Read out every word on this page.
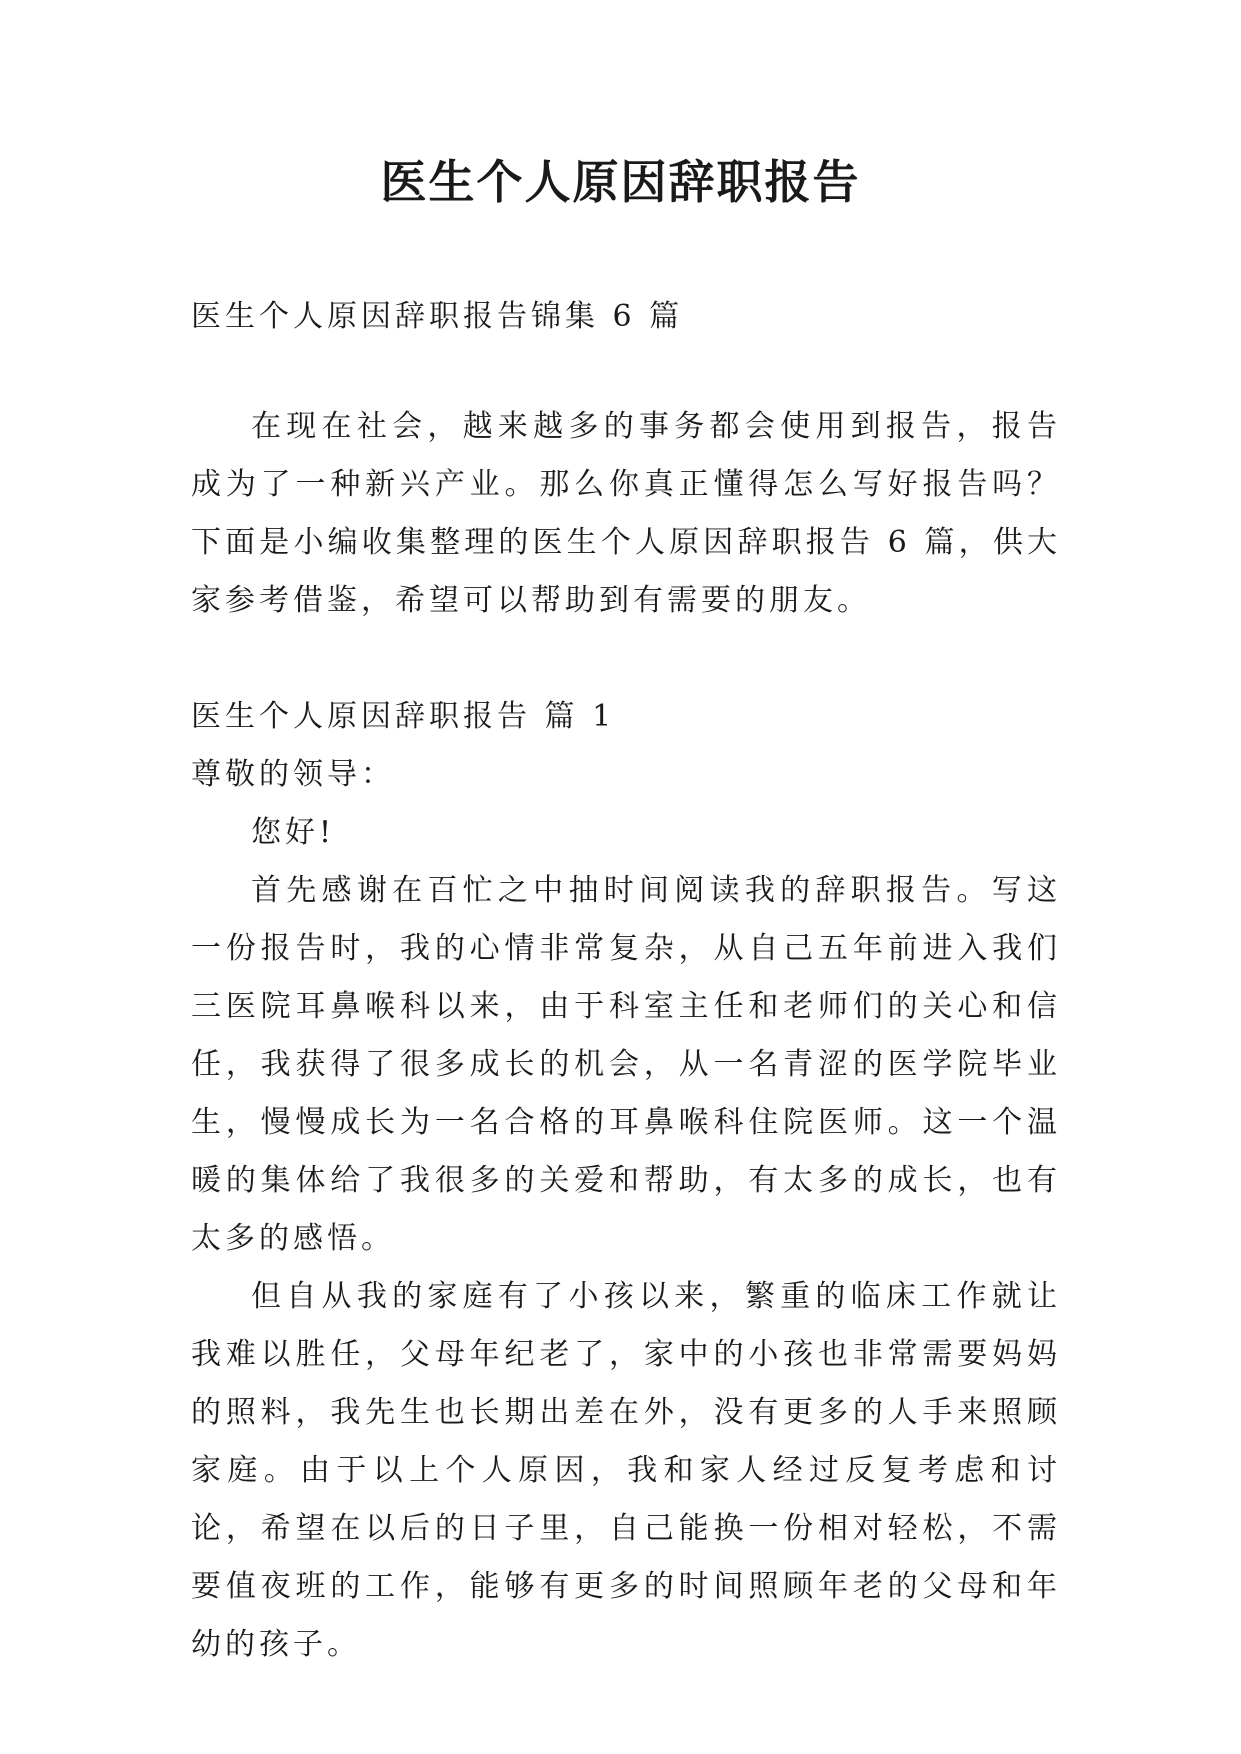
医生个人原因辞职报告

医生个人原因辞职报告锦集 6 篇

在现在社会，越来越多的事务都会使用到报告，报告成为了一种新兴产业。那么你真正懂得怎么写好报告吗？下面是小编收集整理的医生个人原因辞职报告 6 篇，供大家参考借鉴，希望可以帮助到有需要的朋友。

医生个人原因辞职报告 篇 1

尊敬的领导：

您好!

首先感谢在百忙之中抽时间阅读我的辞职报告。写这一份报告时，我的心情非常复杂，从自己五年前进入我们三医院耳鼻喉科以来，由于科室主任和老师们的关心和信任，我获得了很多成长的机会，从一名青涩的医学院毕业生，慢慢成长为一名合格的耳鼻喉科住院医师。这一个温暖的集体给了我很多的关爱和帮助，有太多的成长，也有太多的感悟。

但自从我的家庭有了小孩以来，繁重的临床工作就让我难以胜任，父母年纪老了，家中的小孩也非常需要妈妈的照料，我先生也长期出差在外，没有更多的人手来照顾家庭。由于以上个人原因，我和家人经过反复考虑和讨论，希望在以后的日子里，自己能换一份相对轻松，不需要值夜班的工作，能够有更多的时间照顾年老的父母和年幼的孩子。
